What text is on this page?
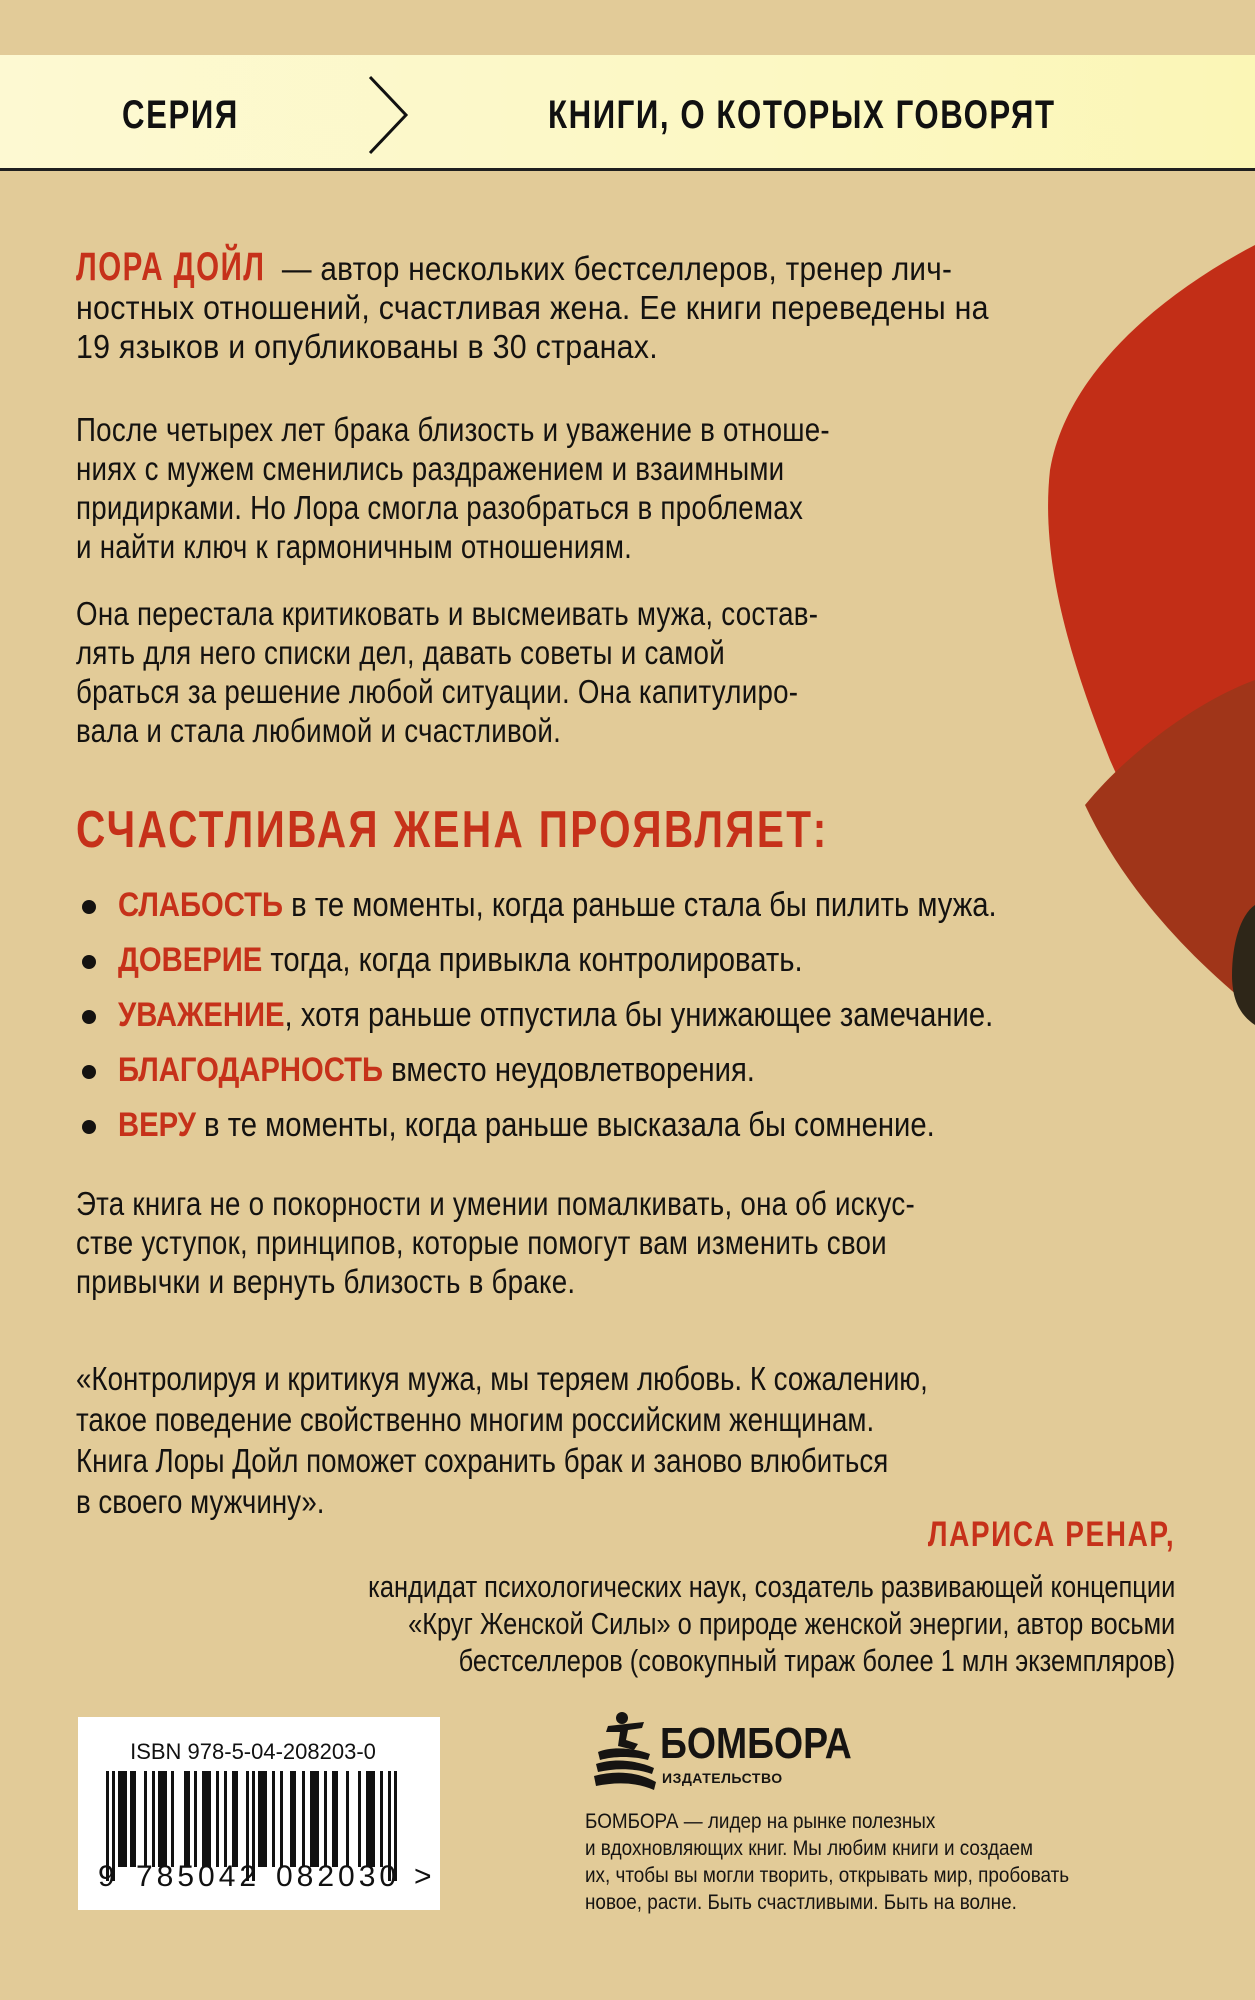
СЕРИЯ	КНИГИ, О КОТОРЫХ ГОВОРЯТ
ЛОРА ДОЙЛ — автор нескольких бестселлеров, тренер лич-
ностных отношений, счастливая жена. Ее книги переведены на
19 языков и опубликованы в 30 странах.
После четырех лет брака близость и уважение в отноше-
ниях с мужем сменились раздражением и взаимными
придирками. Но Лора смогла разобраться в проблемах
и найти ключ к гармоничным отношениям.
Она перестала критиковать и высмеивать мужа, состав-
лять для него списки дел, давать советы и самой
браться за решение любой ситуации. Она капитулиро-
вала и стала любимой и счастливой.
СЧАСТЛИВАЯ ЖЕНА ПРОЯВЛЯЕТ:
СЛАБОСТЬ в те моменты, когда раньше стала бы пилить мужа.
ДОВЕРИЕ тогда, когда привыкла контролировать.
УВАЖЕНИЕ, хотя раньше отпустила бы унижающее замечание.
БЛАГОДАРНОСТЬ вместо неудовлетворения.
ВЕРУ в те моменты, когда раньше высказала бы сомнение.
Эта книга не о покорности и умении помалкивать, она об искус-
стве уступок, принципов, которые помогут вам изменить свои
привычки и вернуть близость в браке.
«Контролируя и критикуя мужа, мы теряем любовь. К сожалению,
такое поведение свойственно многим российским женщинам.
Книга Лоры Дойл поможет сохранить брак и заново влюбиться
в своего мужчину».
ЛАРИСА РЕНАР,
кандидат психологических наук, создатель развивающей концепции
«Круг Женской Силы» о природе женской энергии, автор восьми
бестселлеров (совокупный тираж более 1 млн экземпляров)
ISBN 978-5-04-208203-0
9 785042 082030 >
БОМБОРА
ИЗДАТЕЛЬСТВО
БОМБОРА — лидер на рынке полезных
и вдохновляющих книг. Мы любим книги и создаем
их, чтобы вы могли творить, открывать мир, пробовать
новое, расти. Быть счастливыми. Быть на волне.
